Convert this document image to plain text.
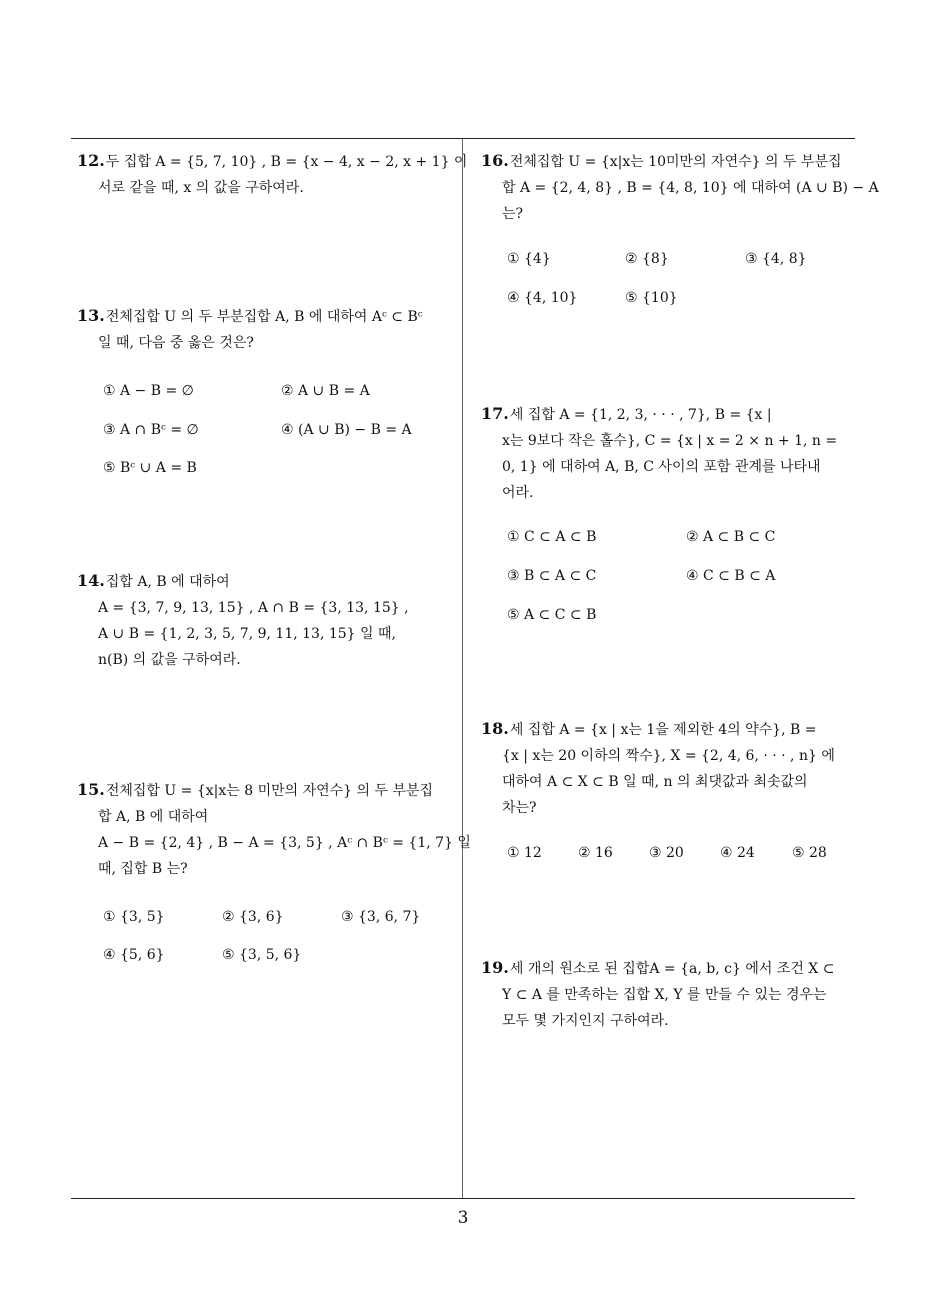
12.두 집합 A = {5, 7, 10} , B = {x − 4, x − 2, x + 1} 이
서로 같을 때, x 의 값을 구하여라.
13.전체집합 U 의 두 부분집합 A, B 에 대하여 Aᶜ ⊂ Bᶜ
일 때, 다음 중 옳은 것은?
① A − B = ∅	② A ∪ B = A
③ A ∩ Bᶜ = ∅	④ (A ∪ B) − B = A
⑤ Bᶜ ∪ A = B
14.집합 A, B 에 대하여
A = {3, 7, 9, 13, 15} , A ∩ B = {3, 13, 15} ,
A ∪ B = {1, 2, 3, 5, 7, 9, 11, 13, 15} 일 때,
n(B) 의 값을 구하여라.
15.전체집합 U = {x|x는 8 미만의 자연수} 의 두 부분집
합 A, B 에 대하여
A − B = {2, 4} , B − A = {3, 5} , Aᶜ ∩ Bᶜ = {1, 7} 일
때, 집합 B 는?
① {3, 5}	② {3, 6}	③ {3, 6, 7}
④ {5, 6}	⑤ {3, 5, 6}
16.전체집합 U = {x|x는 10미만의 자연수} 의 두 부분집
합 A = {2, 4, 8} , B = {4, 8, 10} 에 대하여 (A ∪ B) − A
는?
① {4}	② {8}	③ {4, 8}
④ {4, 10}	⑤ {10}
17.세 집합 A = {1, 2, 3, · · · , 7}, B = {x |
x는 9보다 작은 홀수}, C = {x | x = 2 × n + 1, n =
0, 1} 에 대하여 A, B, C 사이의 포함 관계를 나타내
어라.
① C ⊂ A ⊂ B	② A ⊂ B ⊂ C
③ B ⊂ A ⊂ C	④ C ⊂ B ⊂ A
⑤ A ⊂ C ⊂ B
18.세 집합 A = {x | x는 1을 제외한 4의 약수}, B =
{x | x는 20 이하의 짝수}, X = {2, 4, 6, · · · , n} 에
대하여 A ⊂ X ⊂ B 일 때, n 의 최댓값과 최솟값의
차는?
① 12	② 16	③ 20	④ 24	⑤ 28
19.세 개의 원소로 된 집합A = {a, b, c} 에서 조건 X ⊂
Y ⊂ A 를 만족하는 집합 X, Y 를 만들 수 있는 경우는
모두 몇 가지인지 구하여라.
3
